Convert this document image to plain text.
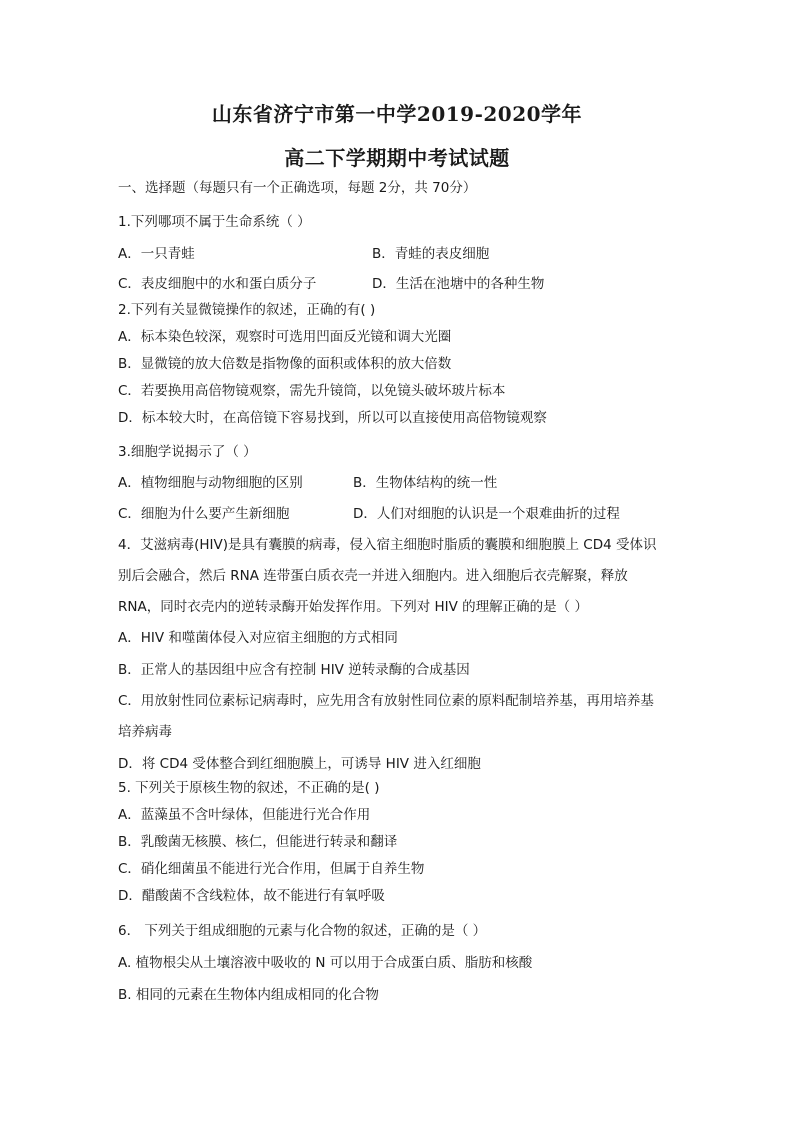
山东省济宁市第一中学2019-2020学年
高二下学期期中考试试题
一、选择题（每题只有一个正确选项，每题 2分，共 70分）
1.下列哪项不属于生命系统（ ）
A．一只青蛙	B．青蛙的表皮细胞
C．表皮细胞中的水和蛋白质分子	D．生活在池塘中的各种生物
2.下列有关显微镜操作的叙述，正确的有( )
A．标本染色较深，观察时可选用凹面反光镜和调大光圈
B．显微镜的放大倍数是指物像的面积或体积的放大倍数
C．若要换用高倍物镜观察，需先升镜筒，以免镜头破坏玻片标本
D．标本较大时，在高倍镜下容易找到，所以可以直接使用高倍物镜观察
3.细胞学说揭示了（ ）
A．植物细胞与动物细胞的区别	B．生物体结构的统一性
C．细胞为什么要产生新细胞	D．人们对细胞的认识是一个艰难曲折的过程
4．艾滋病毒(HIV)是具有囊膜的病毒，侵入宿主细胞时脂质的囊膜和细胞膜上 CD4 受体识
别后会融合，然后 RNA 连带蛋白质衣壳一并进入细胞内。进入细胞后衣壳解聚，释放
RNA，同时衣壳内的逆转录酶开始发挥作用。下列对 HIV 的理解正确的是（ ）
A．HIV 和噬菌体侵入对应宿主细胞的方式相同
B．正常人的基因组中应含有控制 HIV 逆转录酶的合成基因
C．用放射性同位素标记病毒时，应先用含有放射性同位素的原料配制培养基，再用培养基
培养病毒
D．将 CD4 受体整合到红细胞膜上，可诱导 HIV 进入红细胞
5. 下列关于原核生物的叙述，不正确的是( )
A．蓝藻虽不含叶绿体，但能进行光合作用
B．乳酸菌无核膜、核仁，但能进行转录和翻译
C．硝化细菌虽不能进行光合作用，但属于自养生物
D．醋酸菌不含线粒体，故不能进行有氧呼吸
6． 下列关于组成细胞的元素与化合物的叙述，正确的是（ ）
A. 植物根尖从土壤溶液中吸收的 N 可以用于合成蛋白质、脂肪和核酸
B. 相同的元素在生物体内组成相同的化合物
